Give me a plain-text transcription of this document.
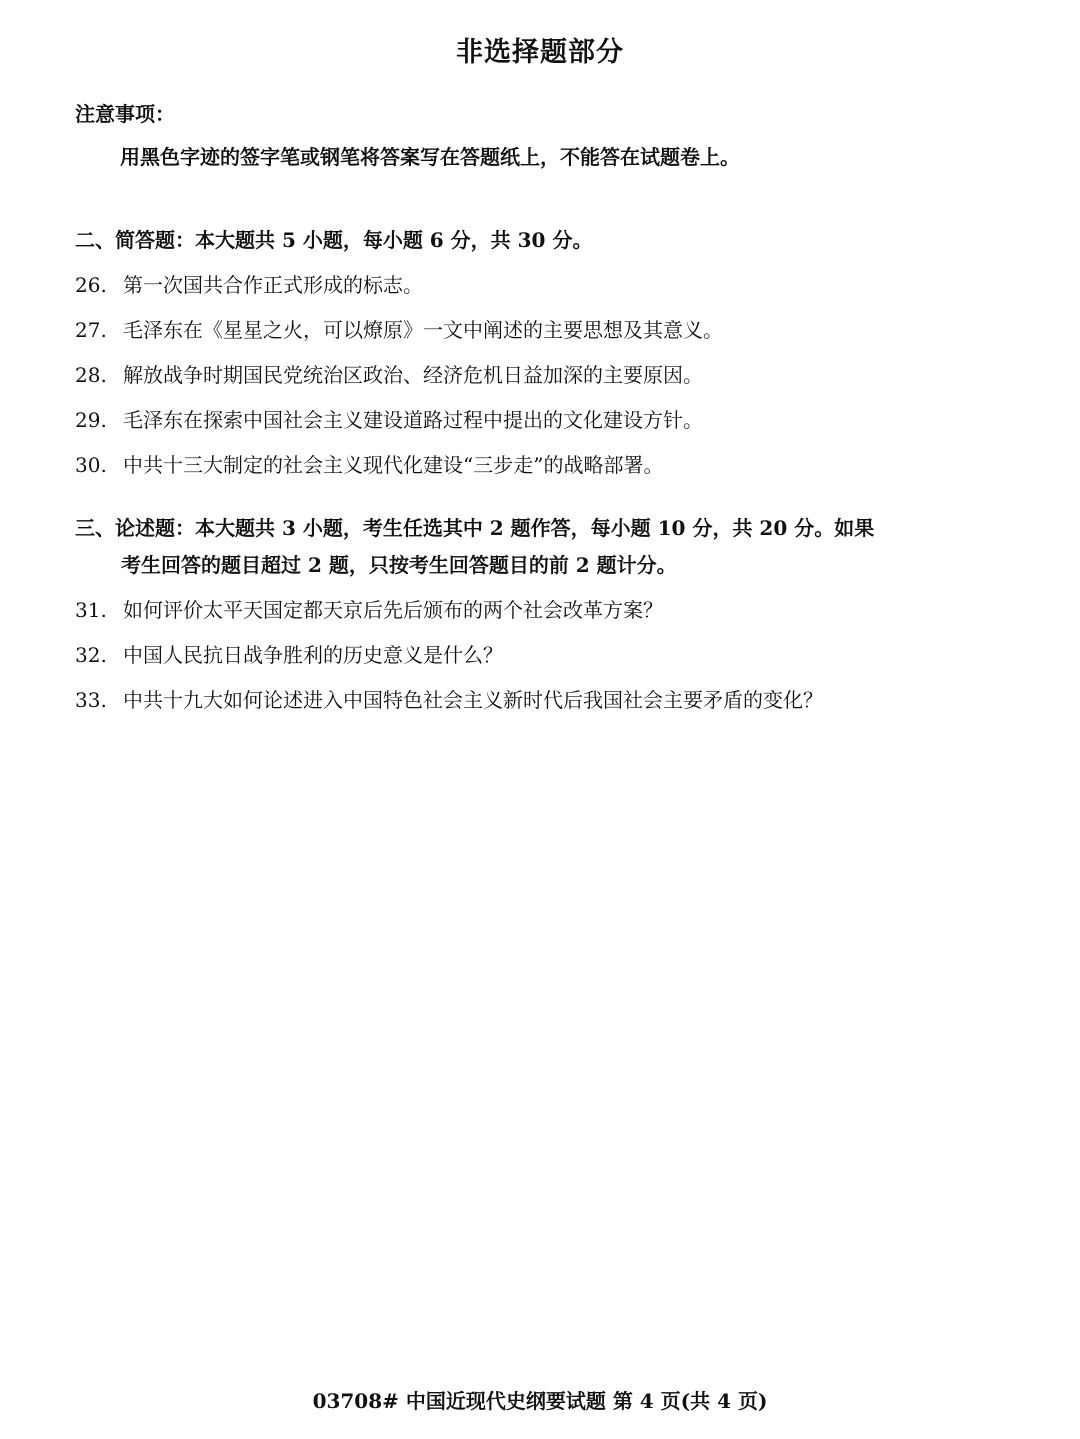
非选择题部分
注意事项：
用黑色字迹的签字笔或钢笔将答案写在答题纸上，不能答在试题卷上。
二、简答题：本大题共 5 小题，每小题 6 分，共 30 分。
26. 第一次国共合作正式形成的标志。
27. 毛泽东在《星星之火，可以燎原》一文中阐述的主要思想及其意义。
28. 解放战争时期国民党统治区政治、经济危机日益加深的主要原因。
29. 毛泽东在探索中国社会主义建设道路过程中提出的文化建设方针。
30. 中共十三大制定的社会主义现代化建设“三步走”的战略部署。
三、论述题：本大题共 3 小题，考生任选其中 2 题作答，每小题 10 分，共 20 分。如果
考生回答的题目超过 2 题，只按考生回答题目的前 2 题计分。
31. 如何评价太平天国定都天京后先后颁布的两个社会改革方案？
32. 中国人民抗日战争胜利的历史意义是什么？
33. 中共十九大如何论述进入中国特色社会主义新时代后我国社会主要矛盾的变化？
03708# 中国近现代史纲要试题 第 4 页(共 4 页)
